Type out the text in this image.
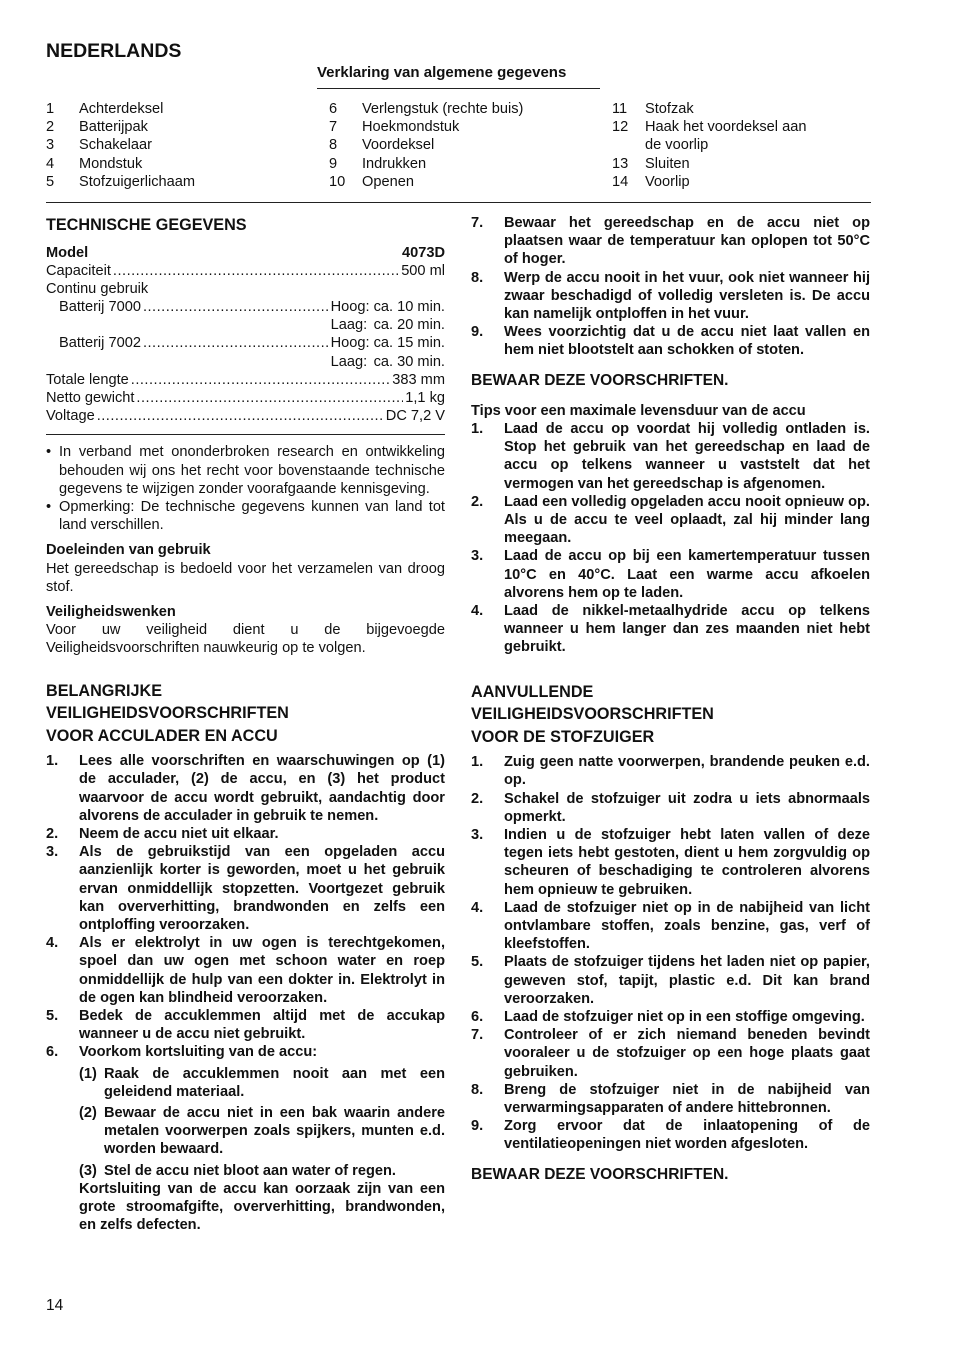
NEDERLANDS
Verklaring van algemene gegevens
1	Achterdeksel
2	Batterijpak
3	Schakelaar
4	Mondstuk
5	Stofzuigerlichaam
6	Verlengstuk (rechte buis)
7	Hoekmondstuk
8	Voordeksel
9	Indrukken
10	Openen
11	Stofzak
12	Haak het voordeksel aan
de voorlip
13	Sluiten
14	Voorlip
TECHNISCHE GEGEVENS
Model	4073D
Capaciteit .....	500 ml
Continu gebruik
Batterij 7000 .....	Hoog: ca. 10 min.
Laag: ca. 20 min.
Batterij 7002 .....	Hoog: ca. 15 min.
Laag: ca. 30 min.
Totale lengte .....	383 mm
Netto gewicht .....	1,1 kg
Voltage .....	DC 7,2 V
• In verband met ononderbroken research en ontwikkeling behouden wij ons het recht voor bovenstaande technische gegevens te wijzigen zonder voorafgaande kennisgeving.
• Opmerking: De technische gegevens kunnen van land tot land verschillen.
Doeleinden van gebruik

Het gereedschap is bedoeld voor het verzamelen van droog stof.

Veiligheidswenken

Voor uw veiligheid dient u de bijgevoegde Veiligheidsvoorschriften nauwkeurig op te volgen.

BELANGRIJKE
VEILIGHEIDSVOORSCHRIFTEN
VOOR ACCULADER EN ACCU
1.	Lees alle voorschriften en waarschuwingen op (1) de acculader, (2) de accu, en (3) het product waarvoor de accu wordt gebruikt, aandachtig door alvorens de acculader in gebruik te nemen.
2.	Neem de accu niet uit elkaar.
3.	Als de gebruikstijd van een opgeladen accu aanzienlijk korter is geworden, moet u het gebruik ervan onmiddellijk stopzetten. Voortgezet gebruik kan oververhitting, brandwonden en zelfs een ontploffing veroorzaken.
4.	Als er elektrolyt in uw ogen is terechtgekomen, spoel dan uw ogen met schoon water en roep onmiddellijk de hulp van een dokter in. Elektrolyt in de ogen kan blindheid veroorzaken.
5.	Bedek de accuklemmen altijd met de accukap wanneer u de accu niet gebruikt.
6.	Voorkom kortsluiting van de accu:
(1) Raak de accuklemmen nooit aan met een geleidend materiaal.
(2) Bewaar de accu niet in een bak waarin andere metalen voorwerpen zoals spijkers, munten e.d. worden bewaard.
(3) Stel de accu niet bloot aan water of regen.

Kortsluiting van de accu kan oorzaak zijn van een grote stroomafgifte, oververhitting, brandwonden, en zelfs defecten.

7.	Bewaar het gereedschap en de accu niet op plaatsen waar de temperatuur kan oplopen tot 50°C of hoger.
8.	Werp de accu nooit in het vuur, ook niet wanneer hij zwaar beschadigd of volledig versleten is. De accu kan namelijk ontploffen in het vuur.
9.	Wees voorzichtig dat u de accu niet laat vallen en hem niet blootstelt aan schokken of stoten.
BEWAAR DEZE VOORSCHRIFTEN.
Tips voor een maximale levensduur van de accu
1.	Laad de accu op voordat hij volledig ontladen is. Stop het gebruik van het gereedschap en laad de accu op telkens wanneer u vaststelt dat het vermogen van het gereedschap is afgenomen.
2.	Laad een volledig opgeladen accu nooit opnieuw op. Als u de accu te veel oplaadt, zal hij minder lang meegaan.
3.	Laad de accu op bij een kamertemperatuur tussen 10°C en 40°C. Laat een warme accu afkoelen alvorens hem op te laden.
4.	Laad de nikkel-metaalhydride accu op telkens wanneer u hem langer dan zes maanden niet hebt gebruikt.
AANVULLENDE
VEILIGHEIDSVOORSCHRIFTEN
VOOR DE STOFZUIGER
1.	Zuig geen natte voorwerpen, brandende peuken e.d. op.
2.	Schakel de stofzuiger uit zodra u iets abnormaals opmerkt.
3.	Indien u de stofzuiger hebt laten vallen of deze tegen iets hebt gestoten, dient u hem zorgvuldig op scheuren of beschadiging te controleren alvorens hem opnieuw te gebruiken.
4.	Laad de stofzuiger niet op in de nabijheid van licht ontvlambare stoffen, zoals benzine, gas, verf of kleefstoffen.
5.	Plaats de stofzuiger tijdens het laden niet op papier, geweven stof, tapijt, plastic e.d. Dit kan brand veroorzaken.
6.	Laad de stofzuiger niet op in een stoffige omgeving.
7.	Controleer of er zich niemand beneden bevindt vooraleer u de stofzuiger op een hoge plaats gaat gebruiken.
8.	Breng de stofzuiger niet in de nabijheid van verwarmingsapparaten of andere hittebronnen.
9.	Zorg ervoor dat de inlaatopening of de ventilatieopeningen niet worden afgesloten.
BEWAAR DEZE VOORSCHRIFTEN.
14
